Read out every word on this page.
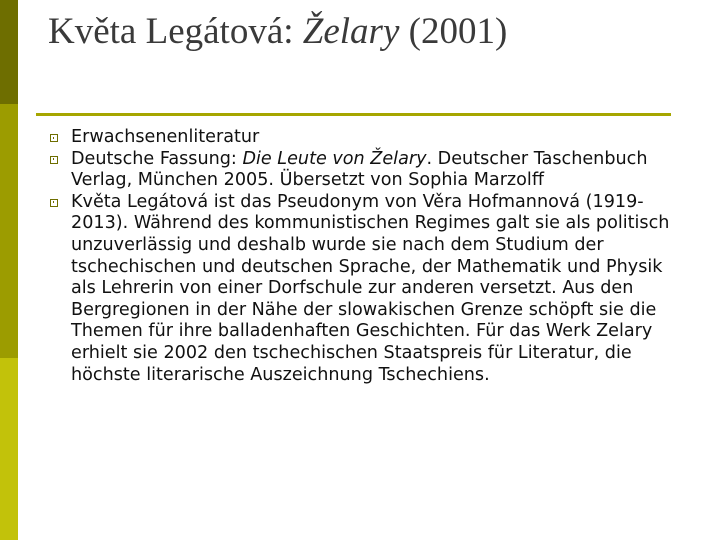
Květa Legátová: Želary (2001)
Erwachsenenliteratur
Deutsche Fassung: Die Leute von Želary. Deutscher Taschenbuch Verlag, München 2005. Übersetzt von Sophia Marzolff
Květa Legátová ist das Pseudonym von Věra Hofmannová (1919-2013). Während des kommunistischen Regimes galt sie als politisch unzuverlässig und deshalb wurde sie nach dem Studium der tschechischen und deutschen Sprache, der Mathematik und Physik als Lehrerin von einer Dorfschule zur anderen versetzt. Aus den Bergregionen in der Nähe der slowakischen Grenze schöpft sie die Themen für ihre balladenhaften Geschichten. Für das Werk Zelary erhielt sie 2002 den tschechischen Staatspreis für Literatur, die höchste literarische Auszeichnung Tschechiens.
